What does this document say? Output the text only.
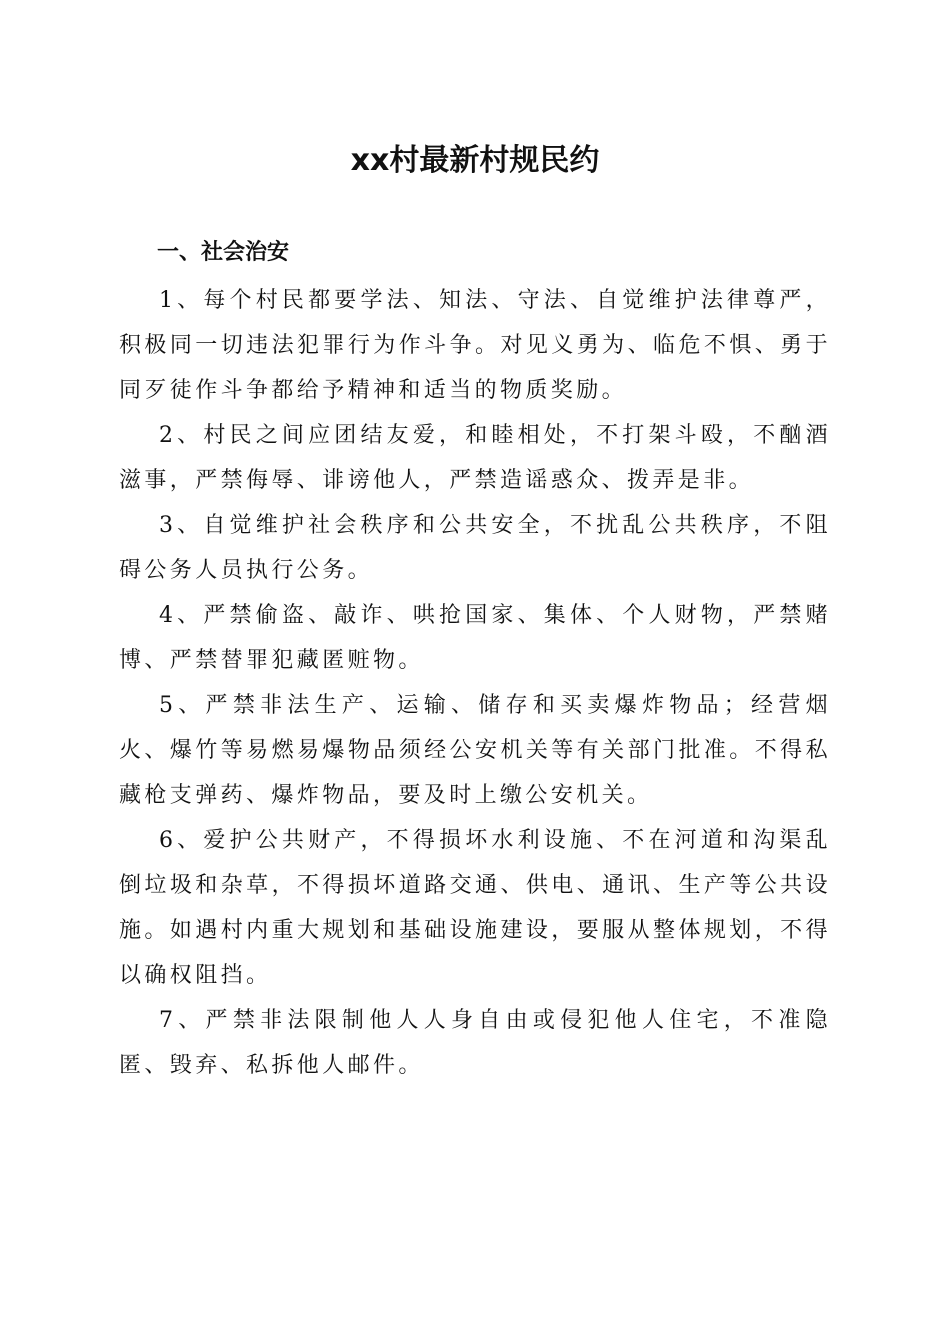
xx村最新村规民约
一、社会治安

1、每个村民都要学法、知法、守法、自觉维护法律尊严，积极同一切违法犯罪行为作斗争。对见义勇为、临危不惧、勇于同歹徒作斗争都给予精神和适当的物质奖励。

2、村民之间应团结友爱，和睦相处，不打架斗殴，不酗酒滋事，严禁侮辱、诽谤他人，严禁造谣惑众、拨弄是非。

3、自觉维护社会秩序和公共安全，不扰乱公共秩序，不阻碍公务人员执行公务。

4、严禁偷盗、敲诈、哄抢国家、集体、个人财物，严禁赌博、严禁替罪犯藏匿赃物。

5、严禁非法生产、运输、储存和买卖爆炸物品；经营烟火、爆竹等易燃易爆物品须经公安机关等有关部门批准。不得私藏枪支弹药、爆炸物品，要及时上缴公安机关。

6、爱护公共财产，不得损坏水利设施、不在河道和沟渠乱倒垃圾和杂草，不得损坏道路交通、供电、通讯、生产等公共设施。如遇村内重大规划和基础设施建设，要服从整体规划，不得以确权阻挡。

7、严禁非法限制他人人身自由或侵犯他人住宅，不准隐匿、毁弃、私拆他人邮件。
